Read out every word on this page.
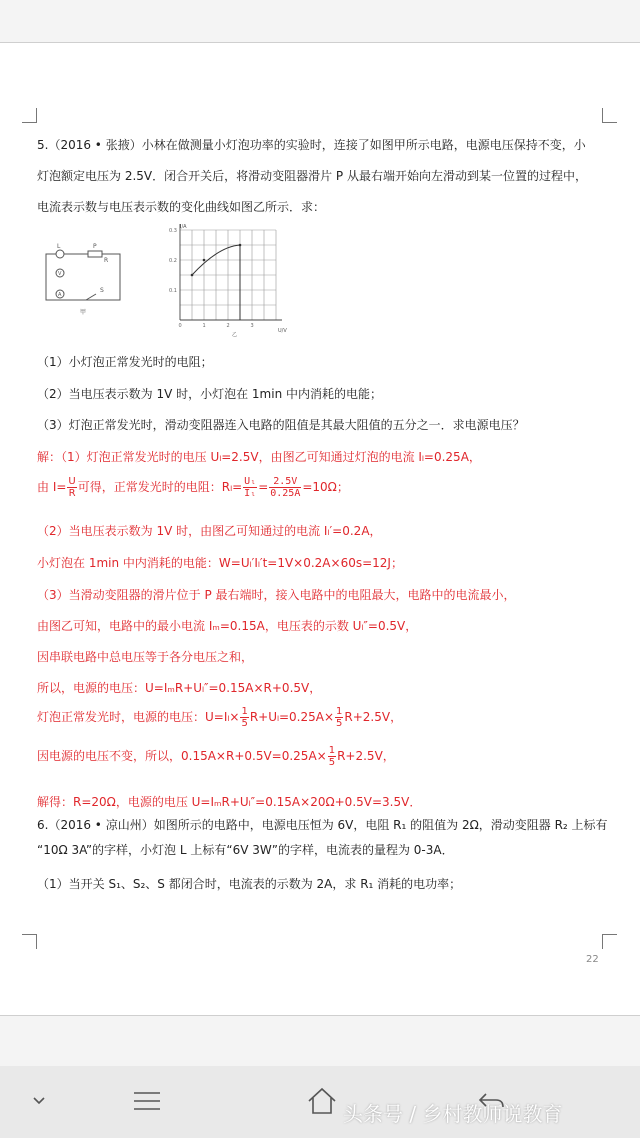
5.（2016 • 张掖）小林在做测量小灯泡功率的实验时，连接了如图甲所示电路，电源电压保持不变，小
灯泡额定电压为 2.5V．闭合开关后，将滑动变阻器滑片 P 从最右端开始向左滑动到某一位置的过程中，
电流表示数与电压表示数的变化曲线如图乙所示．求：
L	P
R
V
A
S
甲
0.3
0.2
0.1
0	1	2	3
I/A
U/V
乙
（1）小灯泡正常发光时的电阻；
（2）当电压表示数为 1V 时，小灯泡在 1min 中内消耗的电能；
（3）灯泡正常发光时，滑动变阻器连入电路的阻值是其最大阻值的五分之一．求电源电压？
解：（1）灯泡正常发光时的电压 Uₗ=2.5V，由图乙可知通过灯泡的电流 Iₗ=0.25A，
由 $I= \frac{U}{R}$ 可得，正常发光时的电阻：$R_l= \frac{\text{Uₗ}}{\text{Iₗ}} = \frac{2.5V}{0.25A} =10\Omega$；
（2）当电压表示数为 1V 时，由图乙可知通过的电流 Iₗ′=0.2A，
小灯泡在 1min 中内消耗的电能：W=Uₗ′Iₗ′t=1V×0.2A×60s=12J；
（3）当滑动变阻器的滑片位于 P 最右端时，接入电路中的电阻最大，电路中的电流最小，
由图乙可知，电路中的最小电流 Iₘ=0.15A，电压表的示数 Uₗ″=0.5V，
因串联电路中总电压等于各分电压之和，
所以，电源的电压：U=IₘR+Uₗ″=0.15A×R+0.5V，
灯泡正常发光时，电源的电压：$U=I_l\times \frac{1}{5} R+U_l=0.25A\times \frac{1}{5} R+2.5V$，
因电源的电压不变，所以，$0.15A\times R+0.5V=0.25A\times \frac{1}{5} R+2.5V$，
解得：R=20Ω，电源的电压 U=IₘR+Uₗ″=0.15A×20Ω+0.5V=3.5V．
6.（2016 • 凉山州）如图所示的电路中，电源电压恒为 6V，电阻 R₁ 的阻值为 2Ω，滑动变阻器 R₂ 上标有
“10Ω 3A”的字样，小灯泡 L 上标有“6V 3W”的字样，电流表的量程为 0-3A．
（1）当开关 S₁、S₂、S 都闭合时，电流表的示数为 2A，求 R₁ 消耗的电功率；
22
头条号 / 乡村教师说教育
